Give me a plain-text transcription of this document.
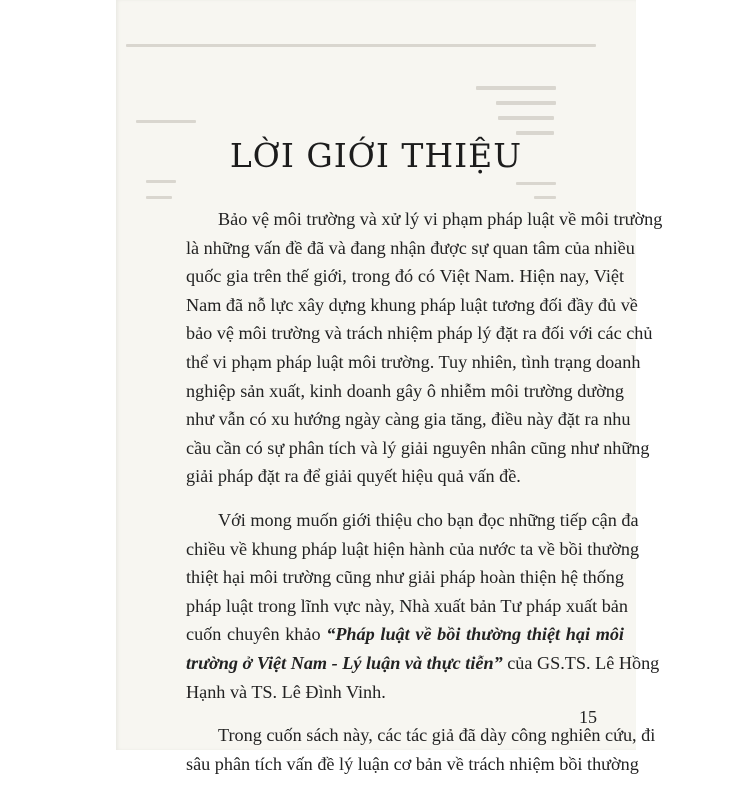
LỜI GIỚI THIỆU
Bảo vệ môi trường và xử lý vi phạm pháp luật về môi trường
là những vấn đề đã và đang nhận được sự quan tâm của nhiều
quốc gia trên thế giới, trong đó có Việt Nam. Hiện nay, Việt
Nam đã nỗ lực xây dựng khung pháp luật tương đối đầy đủ về
bảo vệ môi trường và trách nhiệm pháp lý đặt ra đối với các chủ
thể vi phạm pháp luật môi trường. Tuy nhiên, tình trạng doanh
nghiệp sản xuất, kinh doanh gây ô nhiễm môi trường dường
như vẫn có xu hướng ngày càng gia tăng, điều này đặt ra nhu
cầu cần có sự phân tích và lý giải nguyên nhân cũng như những
giải pháp đặt ra để giải quyết hiệu quả vấn đề.
Với mong muốn giới thiệu cho bạn đọc những tiếp cận đa
chiều về khung pháp luật hiện hành của nước ta về bồi thường
thiệt hại môi trường cũng như giải pháp hoàn thiện hệ thống
pháp luật trong lĩnh vực này, Nhà xuất bản Tư pháp xuất bản
cuốn chuyên khảo “Pháp luật về bồi thường thiệt hại môi
trường ở Việt Nam - Lý luận và thực tiễn” của GS.TS. Lê Hồng
Hạnh và TS. Lê Đình Vinh.
Trong cuốn sách này, các tác giả đã dày công nghiên cứu, đi
sâu phân tích vấn đề lý luận cơ bản về trách nhiệm bồi thường
15
